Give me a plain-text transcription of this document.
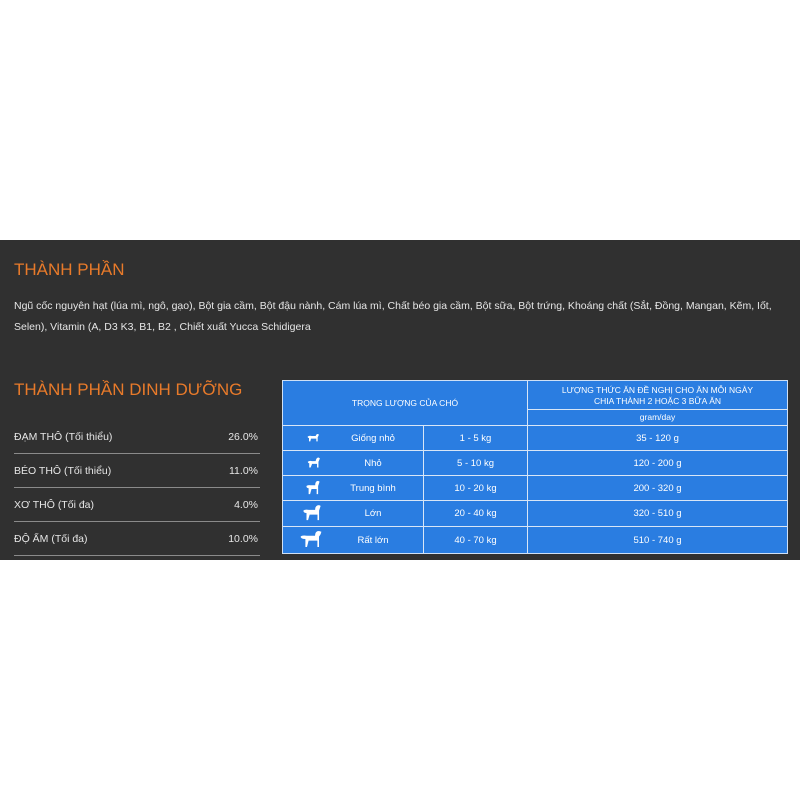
THÀNH PHẦN

Ngũ cốc nguyên hạt (lúa mì, ngô, gạo), Bột gia cầm, Bột đậu nành, Cám lúa mì, Chất béo gia cầm, Bột sữa, Bột trứng, Khoáng chất (Sắt, Đồng, Mangan, Kẽm, Iốt, Selen), Vitamin (A, D3 K3, B1, B2 , Chiết xuất Yucca Schidigera

THÀNH PHẦN DINH DƯỠNG
ĐẠM THÔ (Tối thiểu)	26.0%
BÉO THÔ (Tối thiểu)	11.0%
XƠ THÔ (Tối đa)	4.0%
ĐỘ ẨM (Tối đa)	10.0%
TRỌNG LƯỢNG CỦA CHÓ
LƯỢNG THỨC ĂN ĐỀ NGHỊ CHO ĂN MỖI NGÀY
CHIA THÀNH 2 HOẶC 3 BỮA ĂN
gram/day
Giống nhỏ	1 - 5 kg	35 - 120 g
Nhỏ	5 - 10 kg	120 - 200 g
Trung bình	10 - 20 kg	200 - 320 g
Lớn	20 - 40 kg	320 - 510 g
Rất lớn	40 - 70 kg	510 - 740 g
